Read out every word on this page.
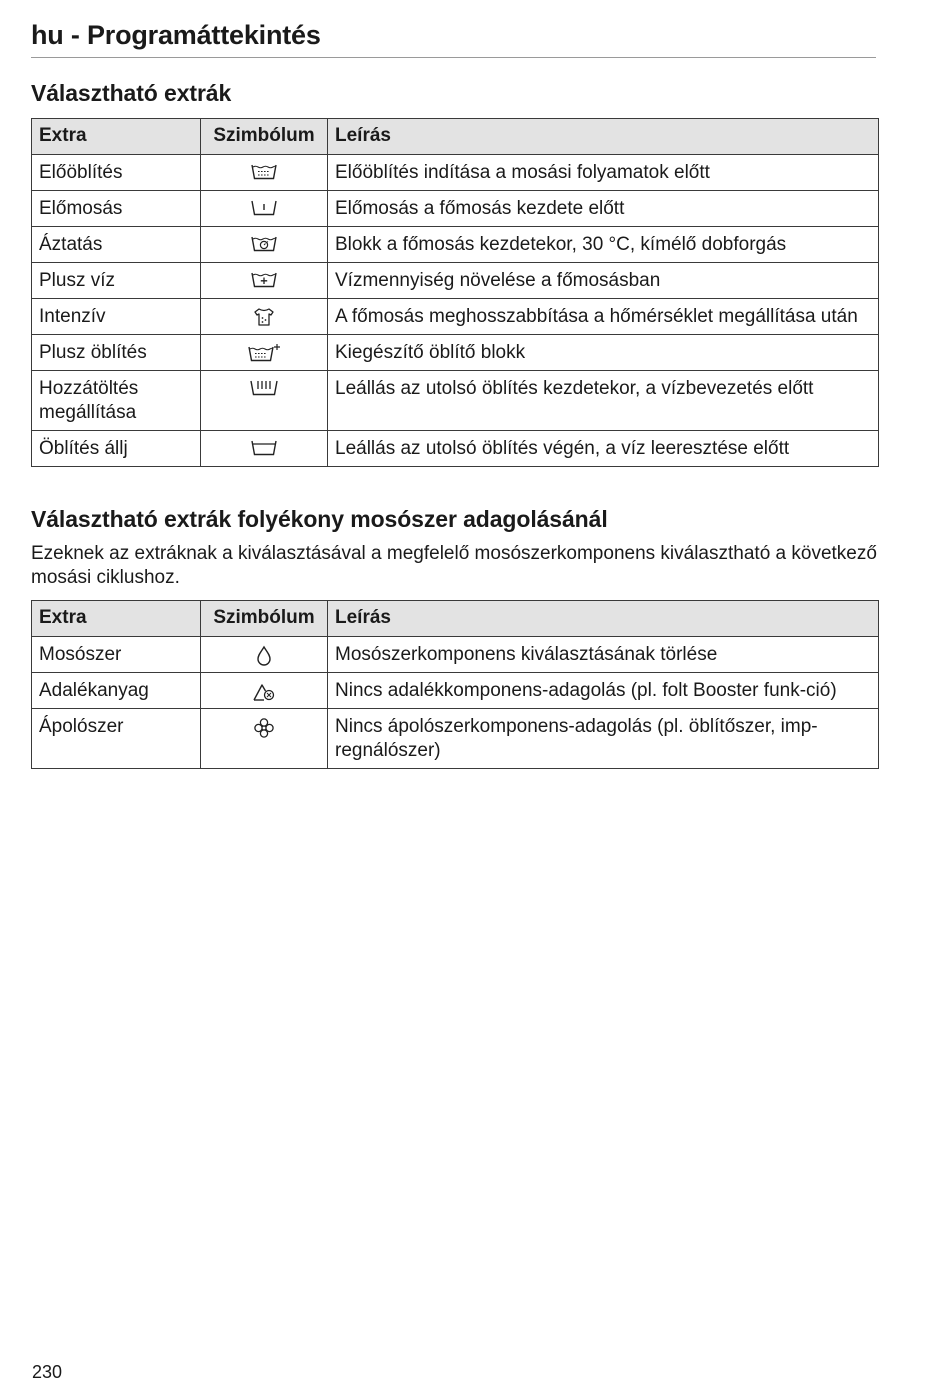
hu - Programáttekintés
Választható extrák
Extra	Szimbólum	Leírás
Előöblítés		Előöblítés indítása a mosási folyamatok előtt
Előmosás		Előmosás a főmosás kezdete előtt
Áztatás		Blokk a főmosás kezdetekor, 30 °C, kímélő dobforgás
Plusz víz		Vízmennyiség növelése a főmosásban
Intenzív		A főmosás meghosszabbítása a hőmérséklet megállítása után
Plusz öblítés		Kiegészítő öblítő blokk
Hozzátöltés megállítása		Leállás az utolsó öblítés kezdetekor, a vízbevezetés előtt
Öblítés állj		Leállás az utolsó öblítés végén, a víz leeresztése előtt
Választható extrák folyékony mosószer adagolásánál

Ezeknek az extráknak a kiválasztásával a megfelelő mosószerkomponens kiválasztható a következő mosási ciklushoz.

Extra	Szimbólum	Leírás
Mosószer		Mosószerkomponens kiválasztásának törlése
Adalékanyag		Nincs adalékkomponens-adagolás (pl. folt Booster funk-ció)
Ápolószer		Nincs ápolószerkomponens-adagolás (pl. öblítőszer, imp-regnálószer)
230
